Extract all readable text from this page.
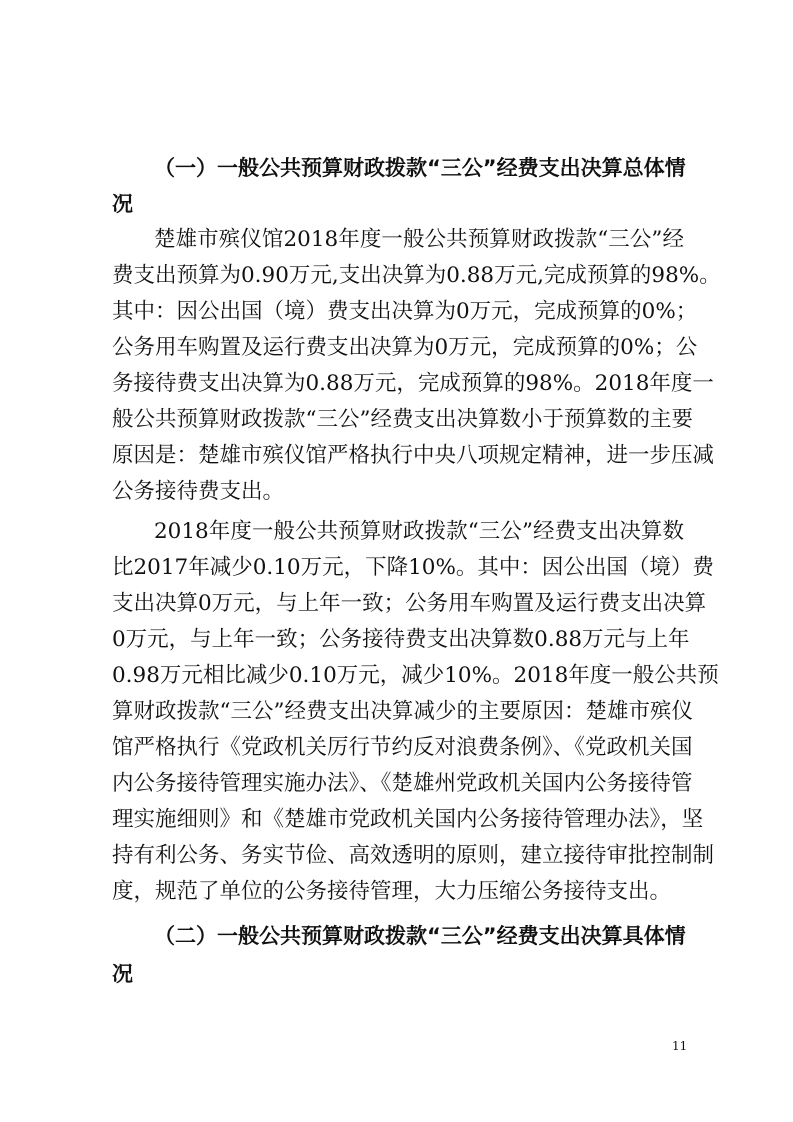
（一）一般公共预算财政拨款“三公”经费支出决算总体情
况
楚雄市殡仪馆2018年度一般公共预算财政拨款“三公”经
费支出预算为0.90万元,支出决算为0.88万元,完成预算的98%。
其中：因公出国（境）费支出决算为0万元，完成预算的0%；
公务用车购置及运行费支出决算为0万元，完成预算的0%；公
务接待费支出决算为0.88万元，完成预算的98%。2018年度一
般公共预算财政拨款“三公”经费支出决算数小于预算数的主要
原因是：楚雄市殡仪馆严格执行中央八项规定精神，进一步压减
公务接待费支出。
2018年度一般公共预算财政拨款“三公”经费支出决算数
比2017年减少0.10万元，下降10%。其中：因公出国（境）费
支出决算0万元，与上年一致；公务用车购置及运行费支出决算
0万元，与上年一致；公务接待费支出决算数0.88万元与上年
0.98万元相比减少0.10万元，减少10%。2018年度一般公共预
算财政拨款“三公”经费支出决算减少的主要原因：楚雄市殡仪
馆严格执行《党政机关厉行节约反对浪费条例》、《党政机关国
内公务接待管理实施办法》、《楚雄州党政机关国内公务接待管
理实施细则》和《楚雄市党政机关国内公务接待管理办法》，坚
持有利公务、务实节俭、高效透明的原则，建立接待审批控制制
度，规范了单位的公务接待管理，大力压缩公务接待支出。
（二）一般公共预算财政拨款“三公”经费支出决算具体情
况
11
